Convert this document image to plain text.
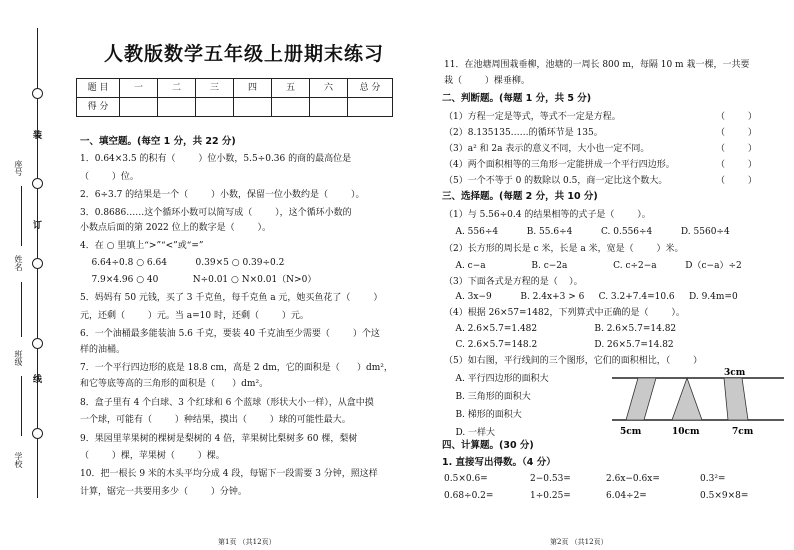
装
订
线
座号
姓名
班级
学校
人教版数学五年级上册期末练习
题 目	一	二	三	四	五	六	总 分
得 分							
一、填空题。(每空 1 分，共 22 分)
1．0.64×3.5 的积有（        ）位小数，5.5÷0.36 的商的最高位是
（        ）位。
2．6÷3.7 的结果是一个（        ）小数，保留一位小数约是（        ）。
3．0.8686……这个循环小数可以简写成（        ），这个循环小数的
小数点后面的第 2022 位上的数字是（        ）。
4．在 ○ 里填上“>”“<”或“=”
6.64÷0.8 ○ 6.64          0.39×5 ○ 0.39÷0.2
7.9×4.96 ○ 40            N÷0.01 ○ N×0.01（N>0）
5．妈妈有 50 元钱，买了 3 千克鱼，每千克鱼 a 元，她买鱼花了（        ）
元，还剩（        ）元。当 a=10 时，还剩（        ）元。
6．一个油桶最多能装油 5.6 千克，要装 40 千克油至少需要（        ）个这
样的油桶。
7．一个平行四边形的底是 18.8 cm，高是 2 dm，它的面积是（      ）dm²，
和它等底等高的三角形的面积是（      ）dm²。
8．盒子里有 4 个白球、3 个红球和 6 个蓝球（形状大小一样），从盒中摸
一个球，可能有（        ）种结果，摸出（        ）球的可能性最大。
9．果园里苹果树的棵树是梨树的 4 倍，苹果树比梨树多 60 棵，梨树
（        ）棵，苹果树（        ）棵。
10．把一根长 9 米的木头平均分成 4 段，每锯下一段需要 3 分钟，照这样
计算，锯完一共要用多少（        ）分钟。
第1页 （共12页）
11．在池塘周围栽垂柳，池塘的一周长 800 m，每隔 10 m 栽一棵，一共要
栽（        ）棵垂柳。
二、判断题。(每题 1 分，共 5 分)
（1）方程一定是等式，等式不一定是方程。	（        ）
（2）8.135135……的循环节是 135。	（        ）
（3）a² 和 2a 表示的意义不同，大小也一定不同。	（        ）
（4）两个面积相等的三角形一定能拼成一个平行四边形。	（        ）
（5）一个不等于 0 的数除以 0.5，商一定比这个数大。	（        ）
三、选择题。(每题 2 分，共 10 分)
（1）与 5.56÷0.4 的结果相等的式子是（        ）。
A. 556÷4          B. 55.6÷4          C. 0.556÷4          D. 5560÷4
（2）长方形的周长是 c 米，长是 a 米，宽是（        ）米。
A. c−a                B. c−2a                C. c÷2−a          D（c−a）÷2
（3）下面各式是方程的是（    ）。
A. 3x−9          B. 2.4x+3 > 6     C. 3.2+7.4=10.6     D. 9.4m=0
（4）根据 26×57=1482，下列算式中正确的是（        ）。
A. 2.6×5.7=1.482                    B. 2.6×5.7=14.82
C. 2.6×5.7=148.2                    D. 26×5.7=14.82
（5）如右图，平行线间的三个图形，它们的面积相比，（        ）
A. 平行四边形的面积大
B. 三角形的面积大
B. 梯形的面积大
D. 一样大
3cm
5cm	10cm	7cm
四、计算题。(30 分)
1. 直接写出得数。（4 分）
0.5×0.6=	2−0.53=	2.6x−0.6x=	0.3²=
0.68÷0.2=	1÷0.25=	6.04÷2=	0.5×9×8=
第2页 （共12页）
